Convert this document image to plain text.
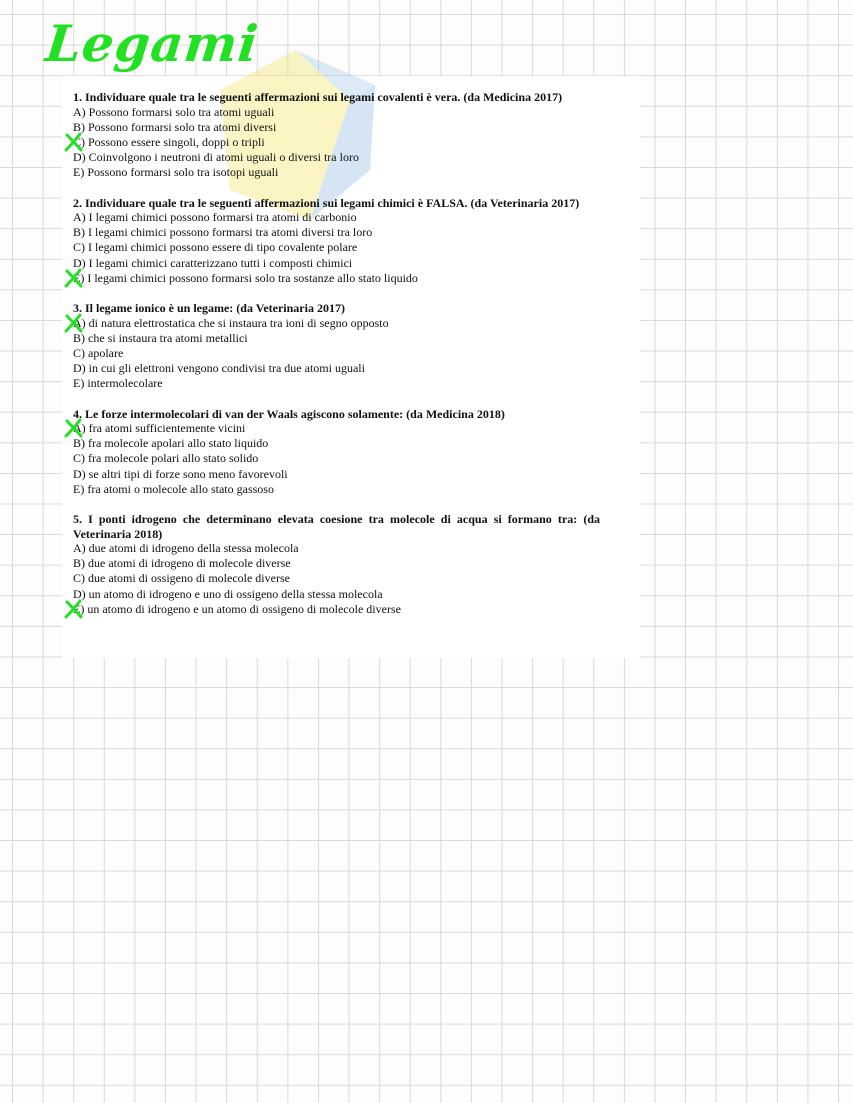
Legami

1. Individuare quale tra le seguenti affermazioni sui legami covalenti è vera. (da Medicina 2017)

A) Possono formarsi solo tra atomi uguali

B) Possono formarsi solo tra atomi diversi

C) Possono essere singoli, doppi o tripli

D) Coinvolgono i neutroni di atomi uguali o diversi tra loro

E) Possono formarsi solo tra isotopi uguali

2. Individuare quale tra le seguenti affermazioni sui legami chimici è FALSA. (da Veterinaria 2017)

A) I legami chimici possono formarsi tra atomi di carbonio

B) I legami chimici possono formarsi tra atomi diversi tra loro

C) I legami chimici possono essere di tipo covalente polare

D) I legami chimici caratterizzano tutti i composti chimici

E) I legami chimici possono formarsi solo tra sostanze allo stato liquido

3. Il legame ionico è un legame: (da Veterinaria 2017)

A) di natura elettrostatica che si instaura tra ioni di segno opposto

B) che si instaura tra atomi metallici

C) apolare

D) in cui gli elettroni vengono condivisi tra due atomi uguali

E) intermolecolare

4. Le forze intermolecolari di van der Waals agiscono solamente: (da Medicina 2018)

A) fra atomi sufficientemente vicini

B) fra molecole apolari allo stato liquido

C) fra molecole polari allo stato solido

D) se altri tipi di forze sono meno favorevoli

E) fra atomi o molecole allo stato gassoso

5. I ponti idrogeno che determinano elevata coesione tra molecole di acqua si formano tra: (da Veterinaria 2018)

A) due atomi di idrogeno della stessa molecola

B) due atomi di idrogeno di molecole diverse

C) due atomi di ossigeno di molecole diverse

D) un atomo di idrogeno e uno di ossigeno della stessa molecola

E) un atomo di idrogeno e un atomo di ossigeno di molecole diverse
